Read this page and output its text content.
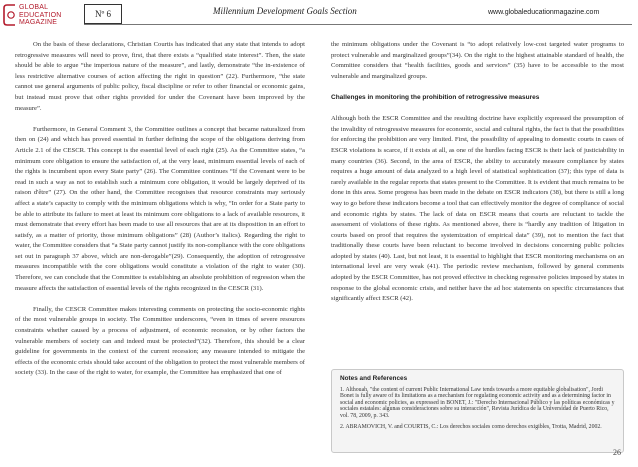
GLOBAL
EDUCATION
MAGAZINE
Nº 6	Millennium Development Goals Section	www.globaleducationmagazine.com

On the basis of these declarations, Christian Courtis has indicated that any state that intends to adopt retrogressive measures will need to prove, first, that there exists a “qualified state interest”. Then, the state should be able to argue “the imperious nature of the measure”, and lastly, demonstrate “the in-existence of less restrictive alternative courses of action affecting the right in question” (22). Furthermore, “the state cannot use general arguments of public policy, fiscal discipline or refer to other financial or economic gains, but instead must prove that other rights provided for under the Covenant have been improved by the measure”.

Furthermore, in General Comment 3, the Committee outlines a concept that became naturalized from then on (24) and which has proved essential in further defining the scope of the obligations deriving from Article 2.1 of the CESCR. This concept is the essential level of each right (25). As the Committee states, “a minimum core obligation to ensure the satisfaction of, at the very least, minimum essential levels of each of the rights is incumbent upon every State party” (26). The Committee continues “If the Covenant were to be read in such a way as not to establish such a minimum core obligation, it would be largely deprived of its raison d'être” (27). On the other hand, the Committee recognises that resource constraints may seriously affect a state’s capacity to comply with the minimum obligations which is why, “In order for a State party to be able to attribute its failure to meet at least its minimum core obligations to a lack of available resources, it must demonstrate that every effort has been made to use all resources that are at its disposition in an effort to satisfy, as a matter of priority, those minimum obligations” (28) (Author’s italics). Regarding the right to water, the Committee considers that “a State party cannot justify its non-compliance with the core obligations set out in paragraph 37 above, which are non-derogable”(29). Consequently, the adoption of retrogressive measures incompatible with the core obligations would constitute a violation of the right to water (30). Therefore, we can conclude that the Committee is establishing an absolute prohibition of regression when the measure affects the satisfaction of essential levels of the rights recognized in the CESCR (31).

Finally, the CESCR Committee makes interesting comments on protecting the socio-economic rights of the most vulnerable groups in society. The Committee underscores, “even in times of severe resources constraints whether caused by a process of adjustment, of economic recession, or by other factors the vulnerable members of society can and indeed must be protected”(32). Therefore, this should be a clear guideline for governments in the context of the current recession; any measure intended to mitigate the effects of the economic crisis should take account of the obligation to protect the most vulnerable members of society (33). In the case of the right to water, for example, the Committee has emphasized that one of

the minimum obligations under the Covenant is “to adopt relatively low-cost targeted water programs to protect vulnerable and marginalized groups”(34). On the right to the highest attainable standard of health, the Committee considers that “health facilities, goods and services” (35) have to be accessible to the most vulnerable and marginalized groups.

Challenges in monitoring the prohibition of retrogressive measures

Although both the ESCR Committee and the resulting doctrine have explicitly expressed the presumption of the invalidity of retrogressive measures for economic, social and cultural rights, the fact is that the possibilities for enforcing the prohibition are very limited. First, the possibility of appealing to domestic courts in cases of ESCR violations is scarce, if it exists at all, as one of the hurdles facing ESCR is their lack of justiciability in many countries (36). Second, in the area of ESCR, the ability to accurately measure compliance by states requires a huge amount of data analyzed to a high level of statistical sophistication (37); this type of data is rarely available in the regular reports that states present to the Committee. It is evident that much remains to be done in this area. Some progress has been made in the debate on ESCR indicators (38), but there is still a long way to go before these indicators become a tool that can effectively monitor the degree of compliance of social and economic rights by states. The lack of data on ESCR means that courts are reluctant to tackle the assessment of violations of these rights. As mentioned above, there is “hardly any tradition of litigation in courts based on proof that requires the systemization of empirical data” (39), not to mention the fact that traditionally these courts have been reluctant to become involved in decisions concerning public policies adopted by states (40). Last, but not least, it is essential to highlight that ESCR monitoring mechanisms on an international level are very weak (41). The periodic review mechanism, followed by general comments adopted by the ESCR Committee, has not proved effective in checking regressive policies imposed by states in response to the global economic crisis, and neither have the ad hoc statements on specific circumstances that significantly affect ESCR (42).

Notes and References
1. Althouah, "the content of current Public International Law tends towards a more equitable globalisation", Jordi Bonet is fully aware of its limitations as a mechanism for regulating economic activity and as a determining factor in social and economic policies, as expressed in BONET, J.: "Derecho Internacional Público y las políticas económicas y sociales estatales: algunas consideraciones sobre su interacción", Revista Jurídica de la Universidad de Puerto Rico, vol. 78, 2009, p. 343.
2. ABRAMOVICH, V. and COURTIS, C.: Los derechos sociales como derechos exigibles, Trotta, Madrid, 2002.
26
